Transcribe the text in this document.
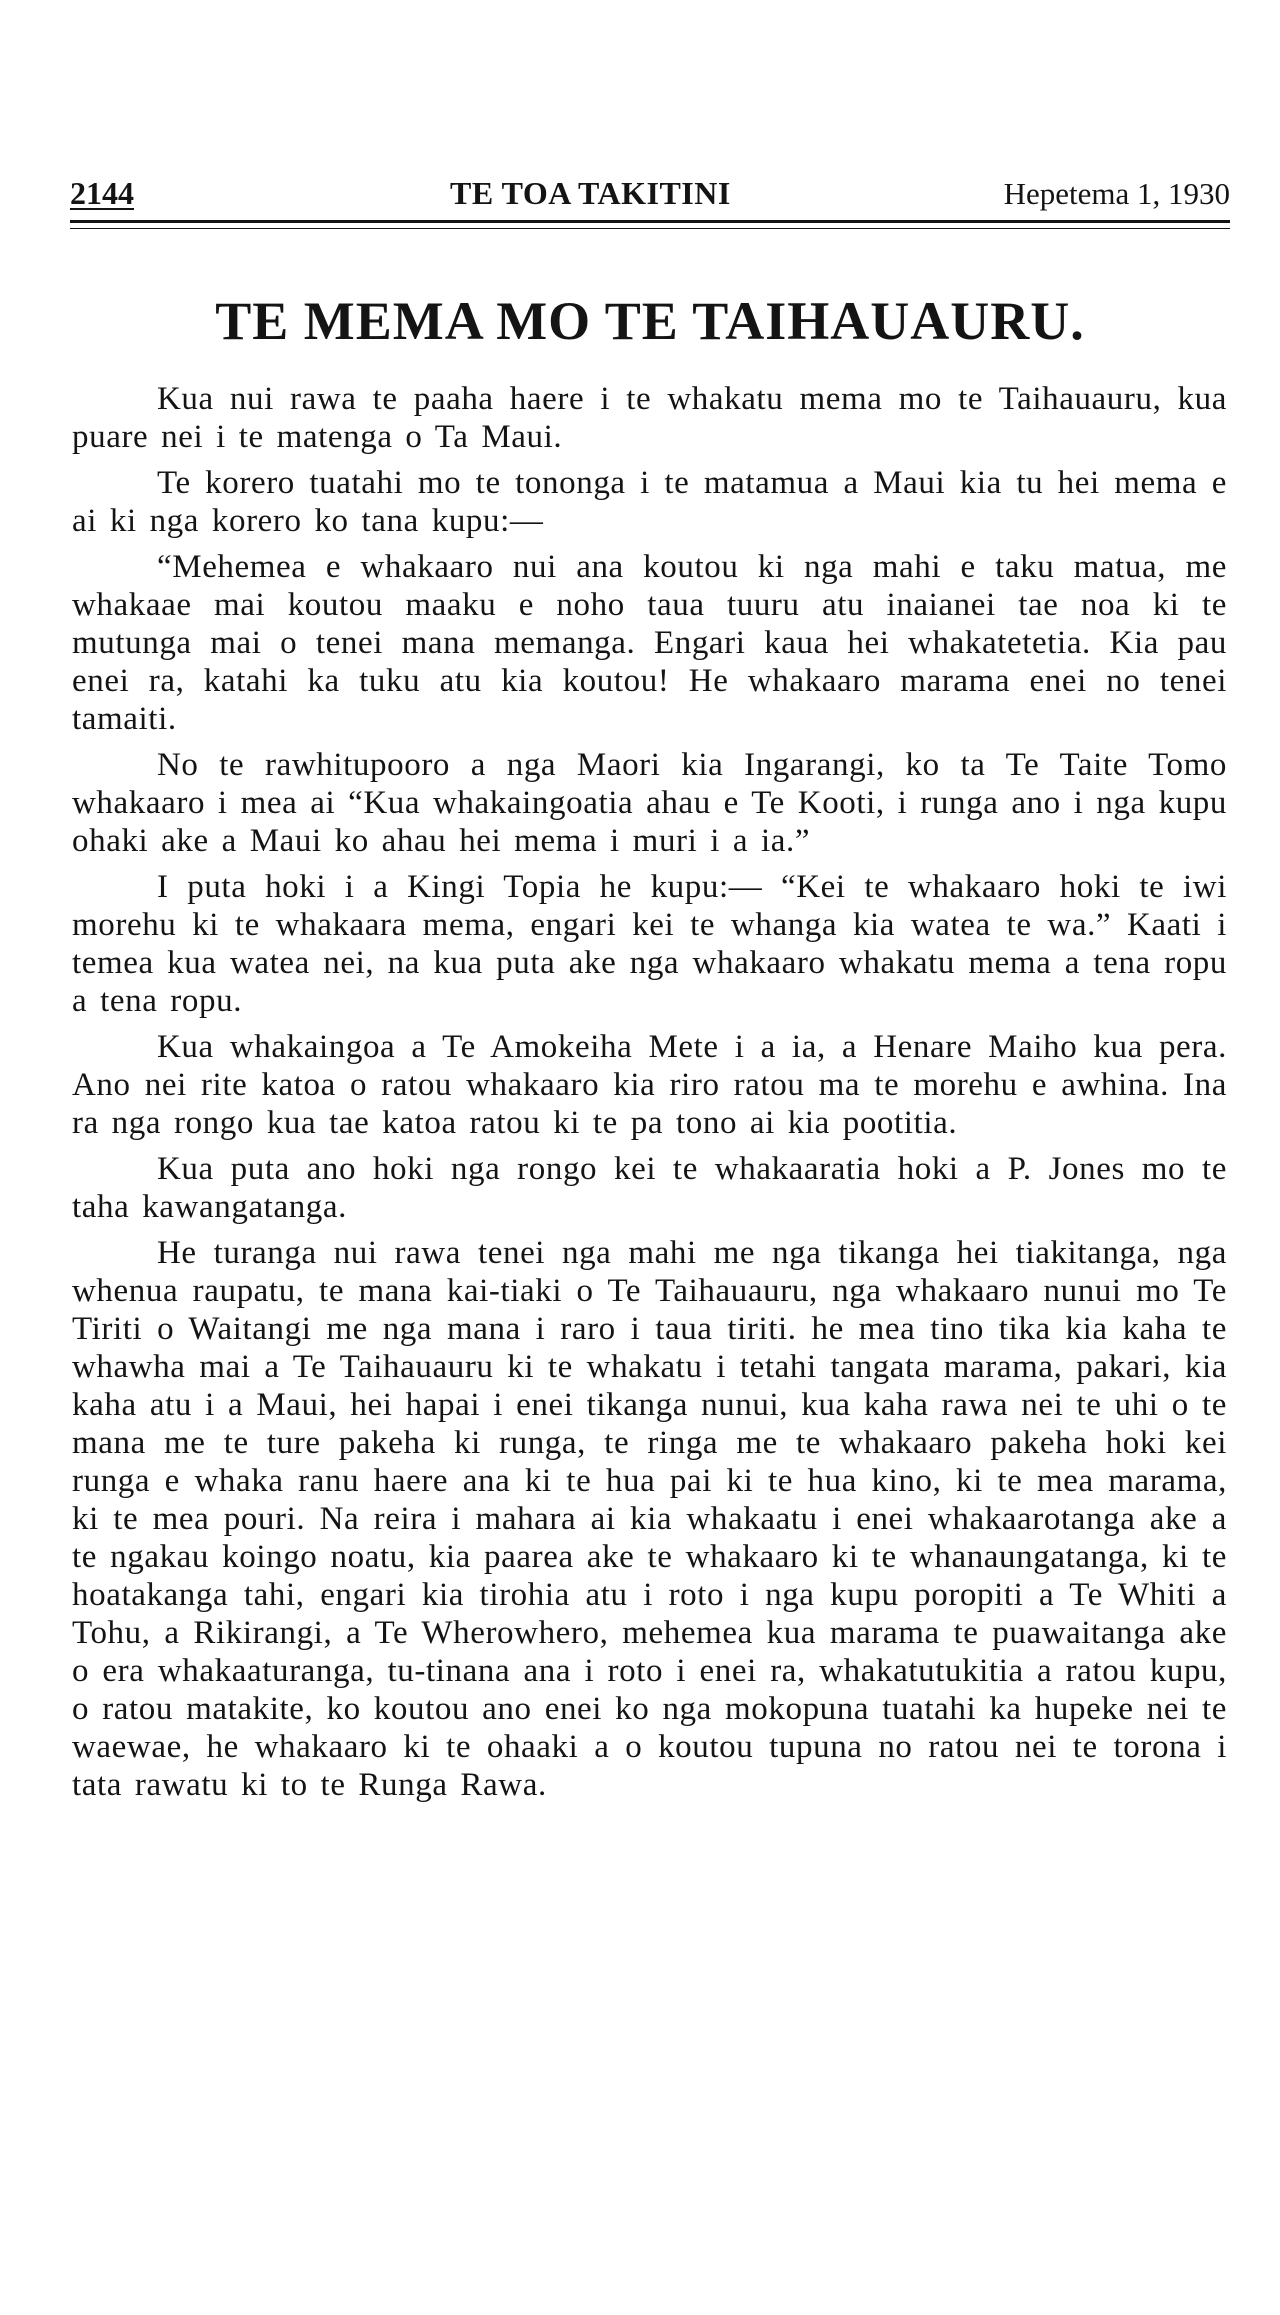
2144	TE TOA TAKITINI	Hepetema 1, 1930
TE MEMA MO TE TAIHAUAURU.

Kua nui rawa te paaha haere i te whakatu mema mo te Taihauauru, kua puare nei i te matenga o Ta Maui.

Te korero tuatahi mo te tononga i te matamua a Maui kia tu hei mema e ai ki nga korero ko tana kupu:—

“Mehemea e whakaaro nui ana koutou ki nga mahi e taku matua, me whakaae mai koutou maaku e noho taua tuuru atu inaianei tae noa ki te mutunga mai o tenei mana memanga. Engari kaua hei whakatetetia. Kia pau enei ra, katahi ka tuku atu kia koutou! He whakaaro marama enei no tenei tamaiti.

No te rawhitupooro a nga Maori kia Ingarangi, ko ta Te Taite Tomo whakaaro i mea ai “Kua whakaingoatia ahau e Te Kooti, i runga ano i nga kupu ohaki ake a Maui ko ahau hei mema i muri i a ia.”

I puta hoki i a Kingi Topia he kupu:— “Kei te whakaaro hoki te iwi morehu ki te whakaara mema, engari kei te whanga kia watea te wa.” Kaati i temea kua watea nei, na kua puta ake nga whakaaro whakatu mema a tena ropu a tena ropu.

Kua whakaingoa a Te Amokeiha Mete i a ia, a Henare Maiho kua pera. Ano nei rite katoa o ratou whakaaro kia riro ratou ma te morehu e awhina. Ina ra nga rongo kua tae katoa ratou ki te pa tono ai kia pootitia.

Kua puta ano hoki nga rongo kei te whakaaratia hoki a P. Jones mo te taha kawangatanga.

He turanga nui rawa tenei nga mahi me nga tikanga hei tiakitanga, nga whenua raupatu, te mana kai-tiaki o Te Taihauauru, nga whakaaro nunui mo Te Tiriti o Waitangi me nga mana i raro i taua tiriti. he mea tino tika kia kaha te whawha mai a Te Taihauauru ki te whakatu i tetahi tangata marama, pakari, kia kaha atu i a Maui, hei hapai i enei tikanga nunui, kua kaha rawa nei te uhi o te mana me te ture pakeha ki runga, te ringa me te whakaaro pakeha hoki kei runga e whaka ranu haere ana ki te hua pai ki te hua kino, ki te mea marama, ki te mea pouri. Na reira i mahara ai kia whakaatu i enei whakaarotanga ake a te ngakau koingo noatu, kia paarea ake te whakaaro ki te whanaungatanga, ki te hoatakanga tahi, engari kia tirohia atu i roto i nga kupu poropiti a Te Whiti a Tohu, a Rikirangi, a Te Wherowhero, mehemea kua marama te puawaitanga ake o era whakaaturanga, tu-tinana ana i roto i enei ra, whakatutukitia a ratou kupu, o ratou matakite, ko koutou ano enei ko nga mokopuna tuatahi ka hupeke nei te waewae, he whakaaro ki te ohaaki a o koutou tupuna no ratou nei te torona i tata rawatu ki to te Runga Rawa.
